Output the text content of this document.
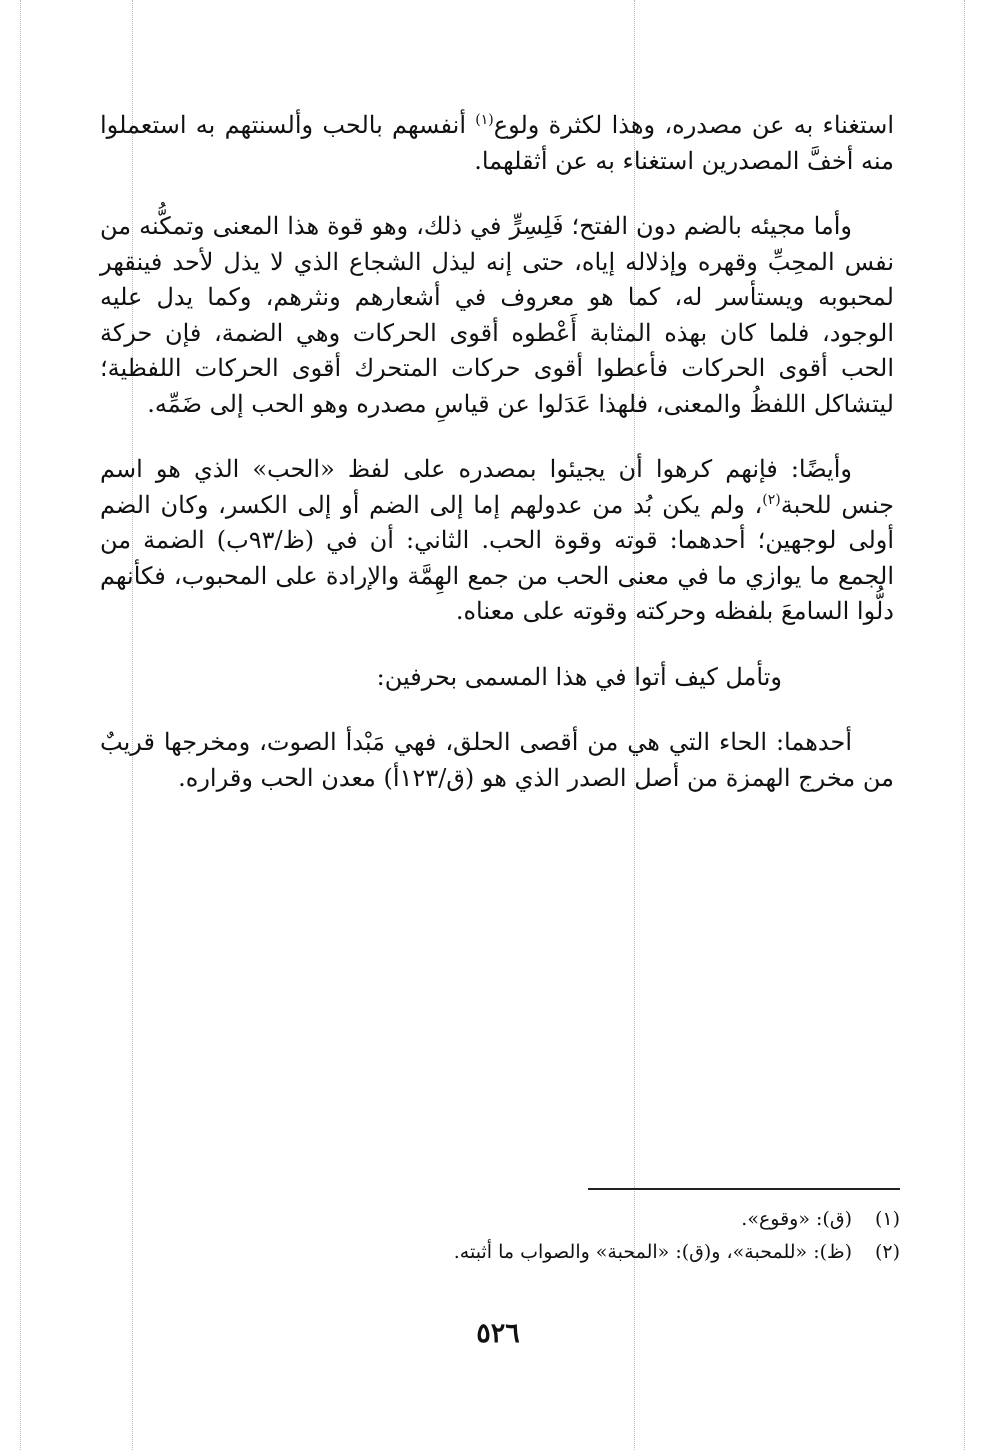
استغناء به عن مصدره، وهذا لكثرة ولوع$^{(١)}$ أنفسهم بالحب وألسنتهم به استعملوا منه أخفَّ المصدرين استغناء به عن أثقلهما.

وأما مجيئه بالضم دون الفتح؛ فَلِسِرٍّ في ذلك، وهو قوة هذا المعنى وتمكُّنه من نفس المحِبِّ وقهره وإذلاله إياه، حتى إنه ليذل الشجاع الذي لا يذل لأحد فينقهر لمحبوبه ويستأسر له، كما هو معروف في أشعارهم ونثرهم، وكما يدل عليه الوجود، فلما كان بهذه المثابة أَعْطوه أقوى الحركات وهي الضمة، فإن حركة الحب أقوى الحركات فأعطوا أقوى حركات المتحرك أقوى الحركات اللفظية؛ ليتشاكل اللفظُ والمعنى، فلهذا عَدَلوا عن قياسِ مصدره وهو الحب إلى ضَمِّه.

وأيضًا: فإنهم كرهوا أن يجيئوا بمصدره على لفظ «الحب» الذي هو اسم جنس للحبة$^{(٢)}$، ولم يكن بُد من عدولهم إما إلى الضم أو إلى الكسر، وكان الضم أولى لوجهين؛ أحدهما: قوته وقوة الحب. الثاني: أن في (ظ/٩٣ب) الضمة من الجمع ما يوازي ما في معنى الحب من جمع الهِمَّة والإرادة على المحبوب، فكأنهم دلُّوا السامعَ بلفظه وحركته وقوته على معناه.

وتأمل كيف أتوا في هذا المسمى بحرفين:

أحدهما: الحاء التي هي من أقصى الحلق، فهي مَبْدأ الصوت، ومخرجها قريبٌ من مخرج الهمزة من أصل الصدر الذي هو (ق/١٢٣أ) معدن الحب وقراره.

(١)(ق): «وقوع».
(٢)(ظ): «للمحبة»، و(ق): «المحبة» والصواب ما أثبته.
٥٢٦
